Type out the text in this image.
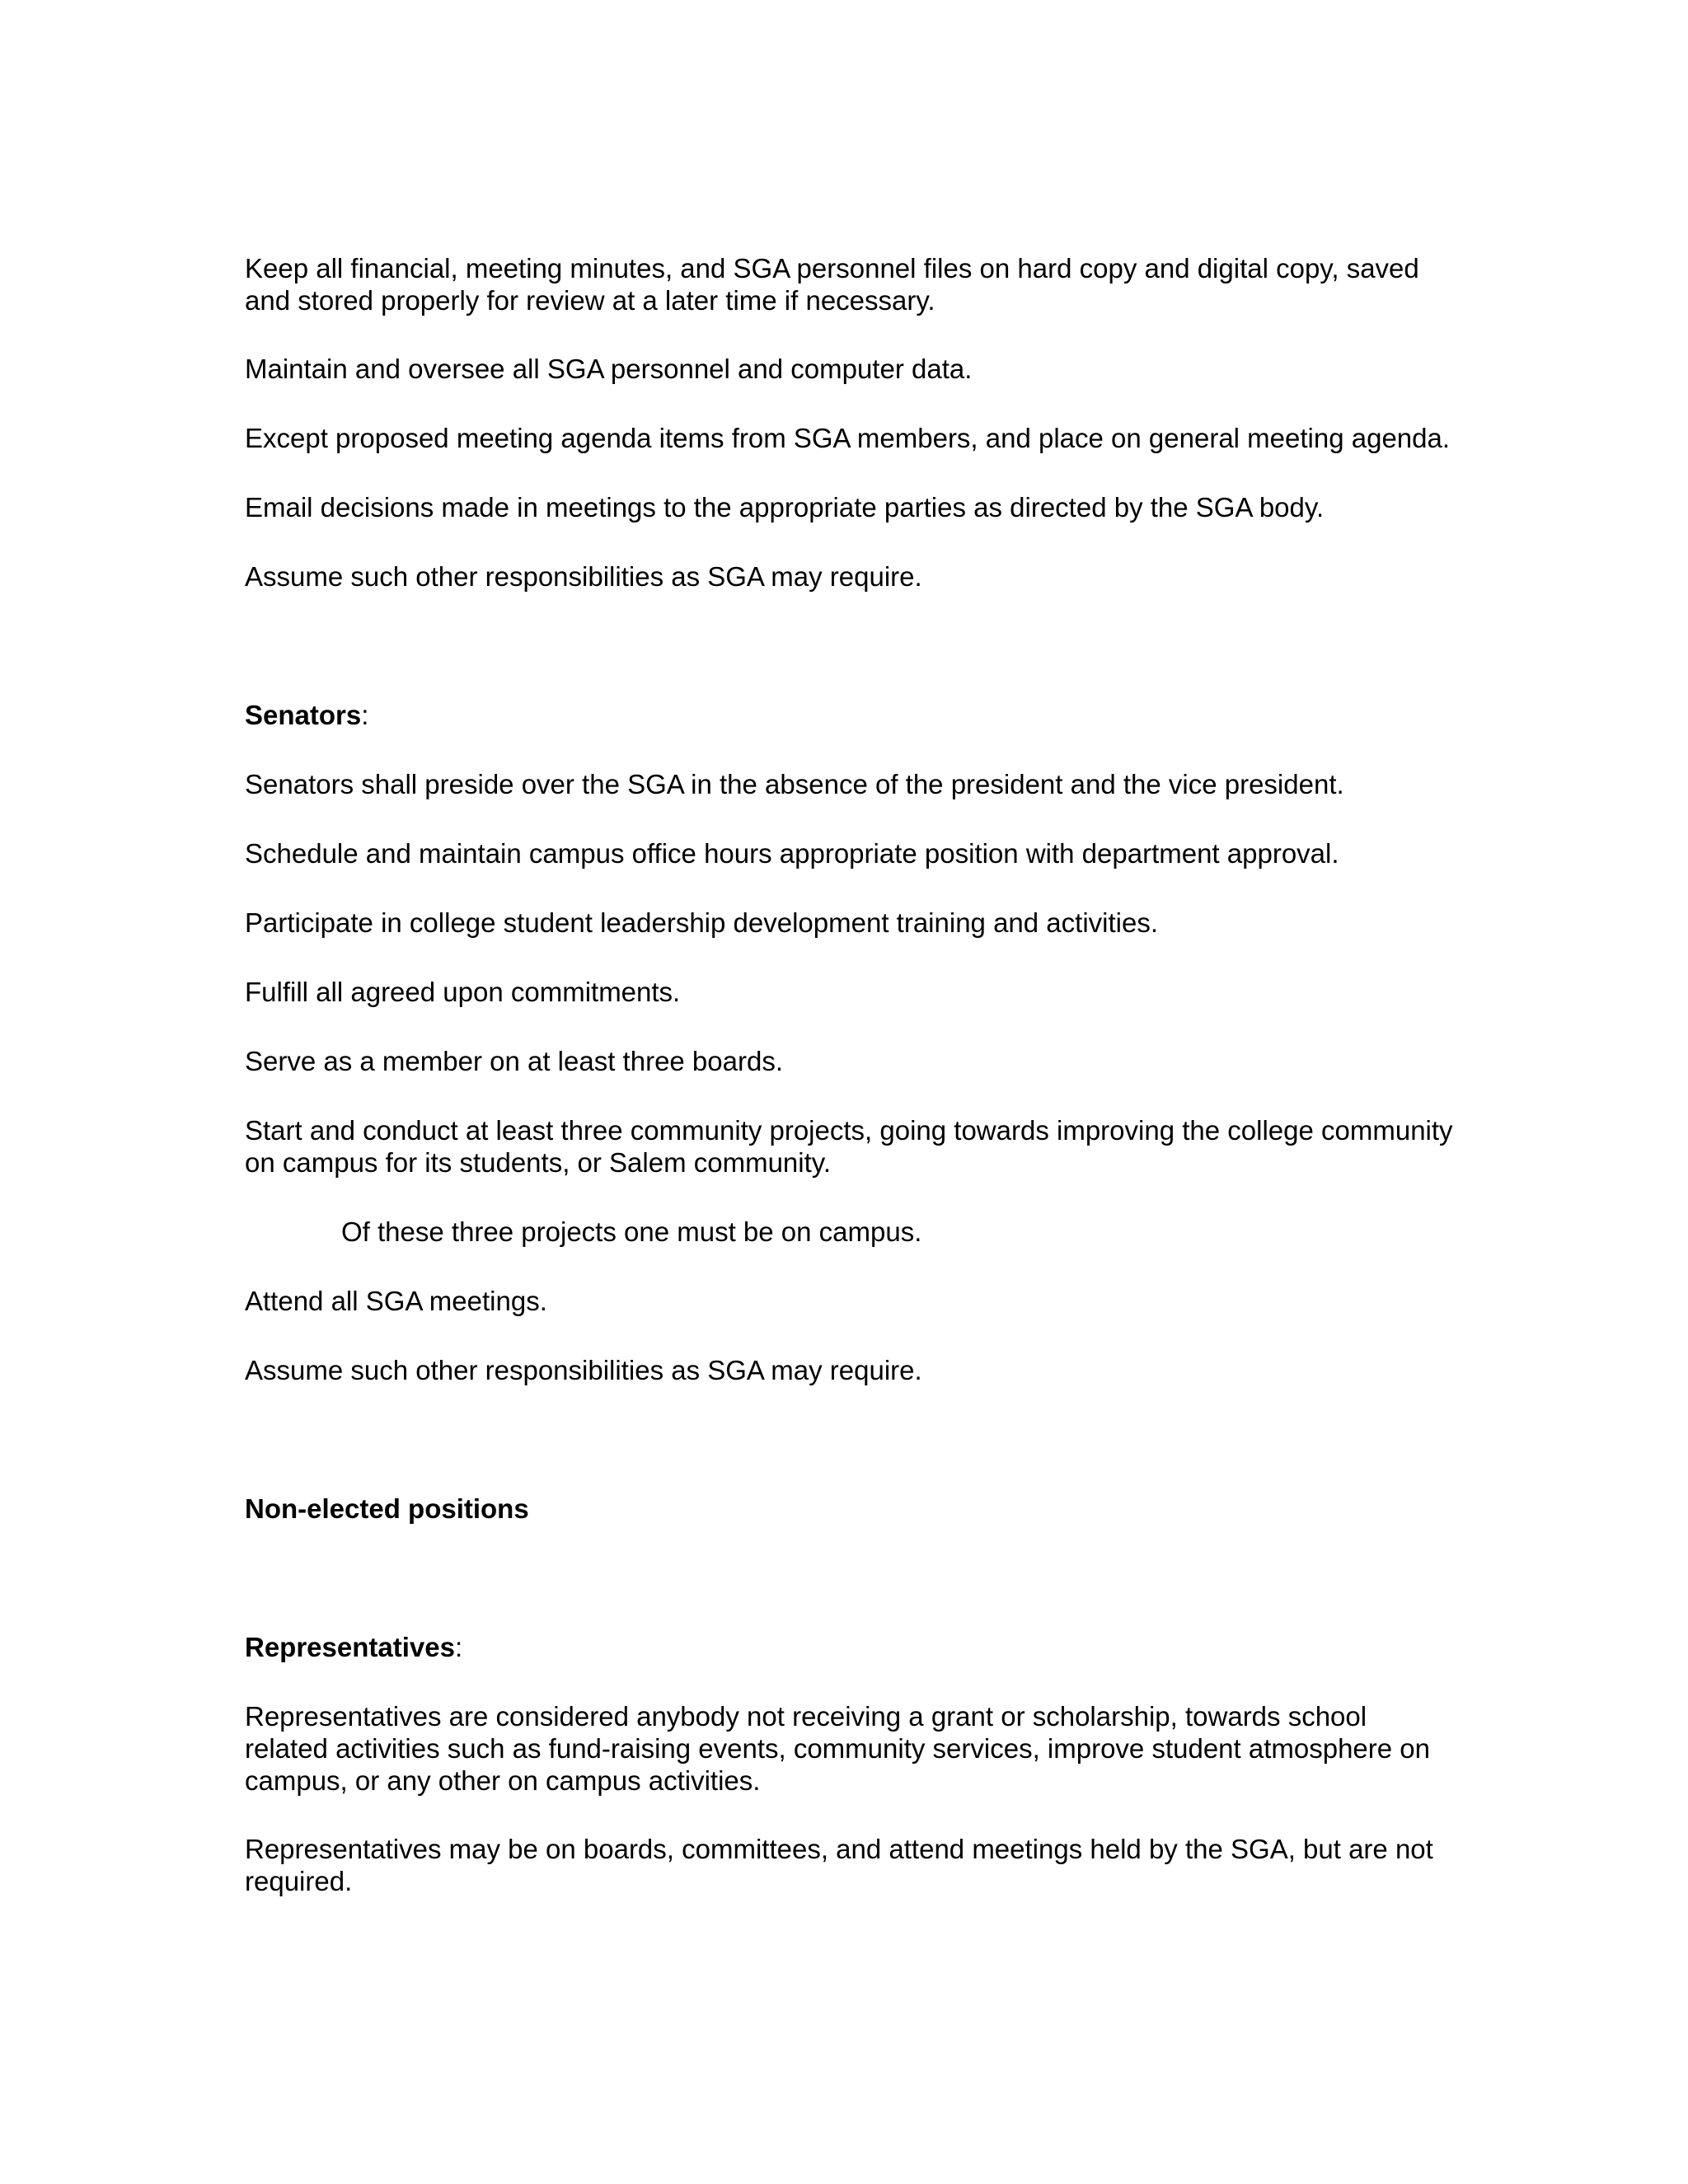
Keep all financial, meeting minutes, and SGA personnel files on hard copy and digital copy, saved and stored properly for review at a later time if necessary.

Maintain and oversee all SGA personnel and computer data.

Except proposed meeting agenda items from SGA members, and place on general meeting agenda.

Email decisions made in meetings to the appropriate parties as directed by the SGA body.

Assume such other responsibilities as SGA may require.

Senators:

Senators shall preside over the SGA in the absence of the president and the vice president.

Schedule and maintain campus office hours appropriate position with department approval.

Participate in college student leadership development training and activities.

Fulfill all agreed upon commitments.

Serve as a member on at least three boards.

Start and conduct at least three community projects, going towards improving the college community on campus for its students, or Salem community.

Of these three projects one must be on campus.

Attend all SGA meetings.

Assume such other responsibilities as SGA may require.

Non-elected positions

Representatives:

Representatives are considered anybody not receiving a grant or scholarship, towards school related activities such as fund-raising events, community services, improve student atmosphere on campus, or any other on campus activities.

Representatives may be on boards, committees, and attend meetings held by the SGA, but are not required.
